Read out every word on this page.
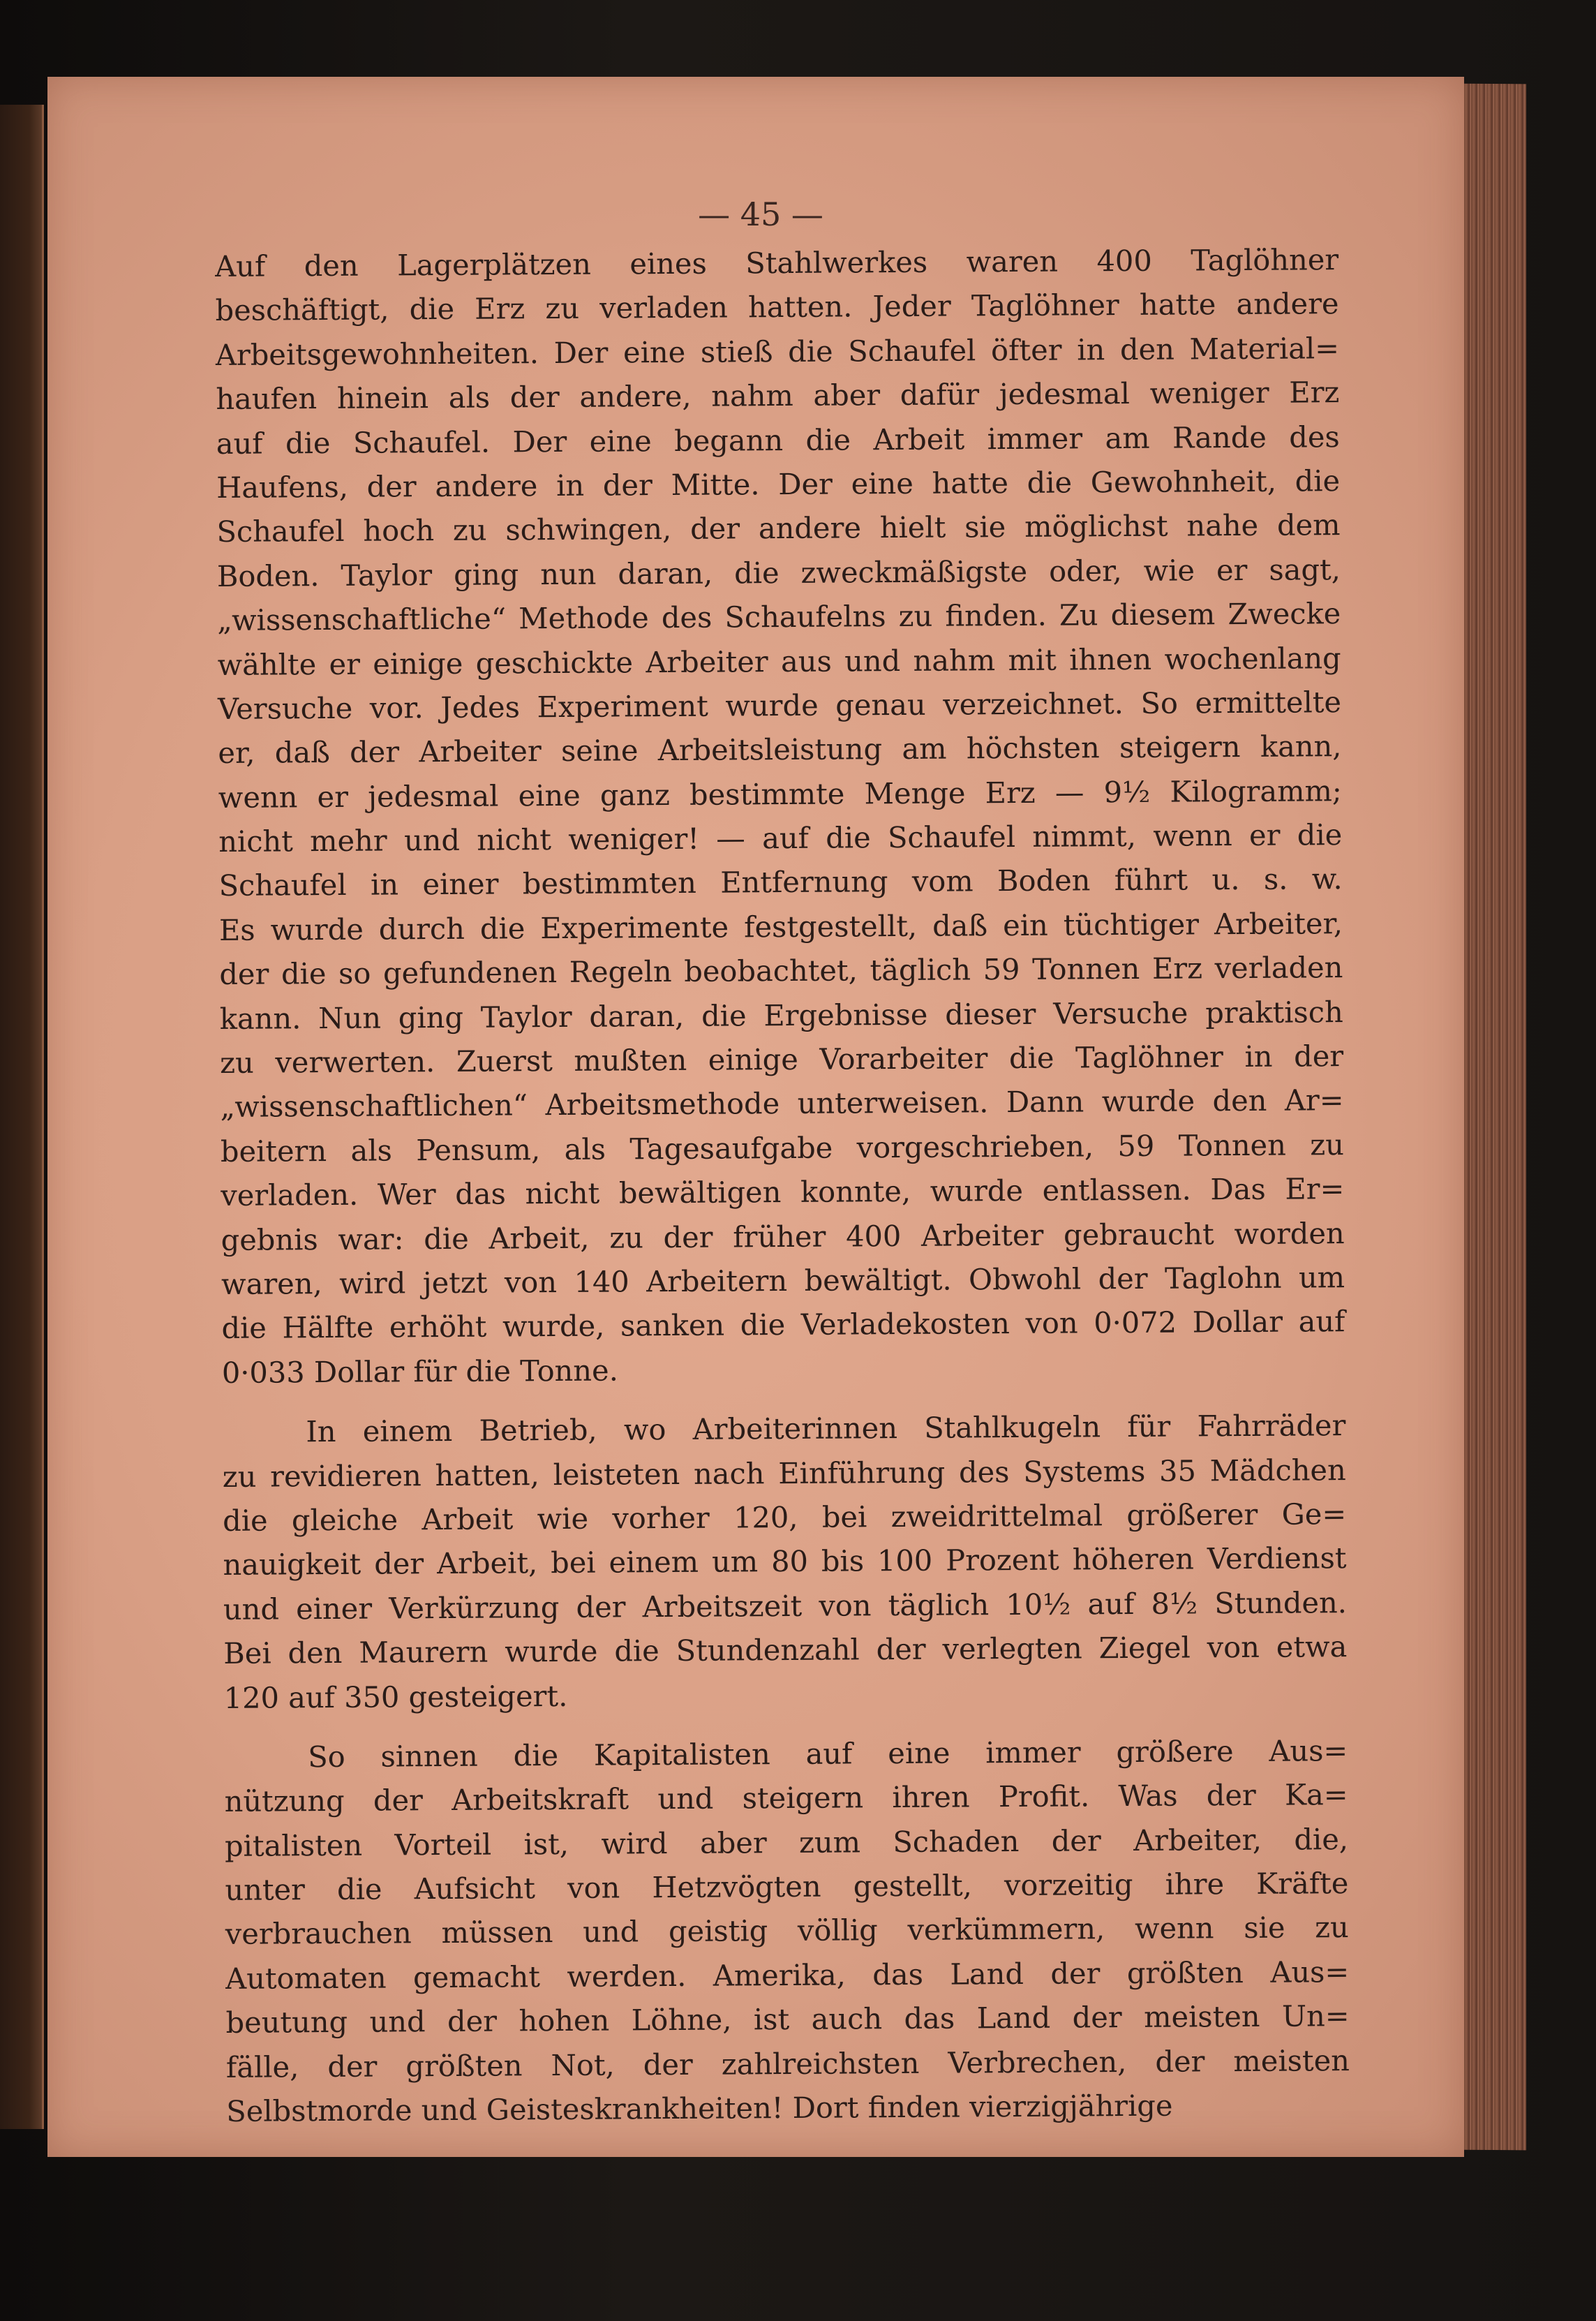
— 45 —
Auf den Lagerplätzen eines Stahlwerkes waren 400 Taglöhner
beschäftigt, die Erz zu verladen hatten. Jeder Taglöhner hatte andere
Arbeitsgewohnheiten. Der eine stieß die Schaufel öfter in den Material=
haufen hinein als der andere, nahm aber dafür jedesmal weniger Erz
auf die Schaufel. Der eine begann die Arbeit immer am Rande des
Haufens, der andere in der Mitte. Der eine hatte die Gewohnheit, die
Schaufel hoch zu schwingen, der andere hielt sie möglichst nahe dem
Boden. Taylor ging nun daran, die zweckmäßigste oder, wie er sagt,
„wissenschaftliche“ Methode des Schaufelns zu finden. Zu diesem Zwecke
wählte er einige geschickte Arbeiter aus und nahm mit ihnen wochenlang
Versuche vor. Jedes Experiment wurde genau verzeichnet. So ermittelte
er, daß der Arbeiter seine Arbeitsleistung am höchsten steigern kann,
wenn er jedesmal eine ganz bestimmte Menge Erz — 9½ Kilogramm;
nicht mehr und nicht weniger! — auf die Schaufel nimmt, wenn er die
Schaufel in einer bestimmten Entfernung vom Boden führt u. s. w.
Es wurde durch die Experimente festgestellt, daß ein tüchtiger Arbeiter,
der die so gefundenen Regeln beobachtet, täglich 59 Tonnen Erz verladen
kann. Nun ging Taylor daran, die Ergebnisse dieser Versuche praktisch
zu verwerten. Zuerst mußten einige Vorarbeiter die Taglöhner in der
„wissenschaftlichen“ Arbeitsmethode unterweisen. Dann wurde den Ar=
beitern als Pensum, als Tagesaufgabe vorgeschrieben, 59 Tonnen zu
verladen. Wer das nicht bewältigen konnte, wurde entlassen. Das Er=
gebnis war: die Arbeit, zu der früher 400 Arbeiter gebraucht worden
waren, wird jetzt von 140 Arbeitern bewältigt. Obwohl der Taglohn um
die Hälfte erhöht wurde, sanken die Verladekosten von 0·072 Dollar auf
0·033 Dollar für die Tonne.
In einem Betrieb, wo Arbeiterinnen Stahlkugeln für Fahrräder
zu revidieren hatten, leisteten nach Einführung des Systems 35 Mädchen
die gleiche Arbeit wie vorher 120, bei zweidrittelmal größerer Ge=
nauigkeit der Arbeit, bei einem um 80 bis 100 Prozent höheren Verdienst
und einer Verkürzung der Arbeitszeit von täglich 10½ auf 8½ Stunden.
Bei den Maurern wurde die Stundenzahl der verlegten Ziegel von etwa
120 auf 350 gesteigert.
So sinnen die Kapitalisten auf eine immer größere Aus=
nützung der Arbeitskraft und steigern ihren Profit. Was der Ka=
pitalisten Vorteil ist, wird aber zum Schaden der Arbeiter, die,
unter die Aufsicht von Hetzvögten gestellt, vorzeitig ihre Kräfte
verbrauchen müssen und geistig völlig verkümmern, wenn sie zu
Automaten gemacht werden. Amerika, das Land der größten Aus=
beutung und der hohen Löhne, ist auch das Land der meisten Un=
fälle, der größten Not, der zahlreichsten Verbrechen, der meisten
Selbstmorde und Geisteskrankheiten! Dort finden vierzigjährige
